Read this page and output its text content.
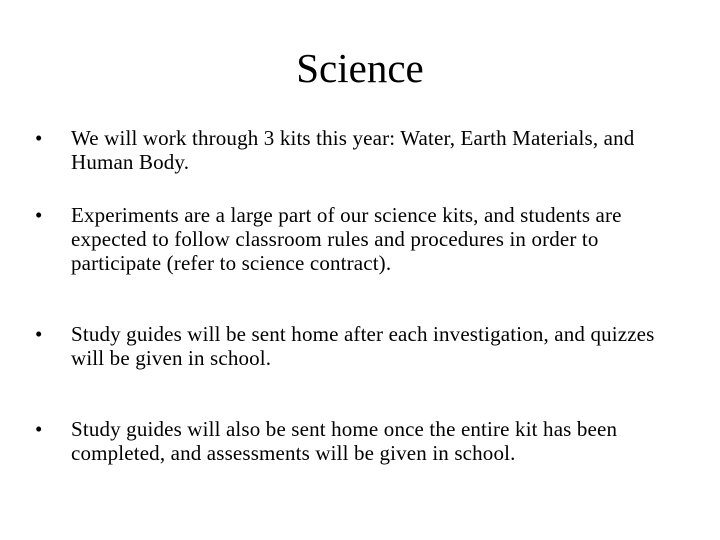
Science
•	We will work through 3 kits this year: Water, Earth Materials, and Human Body.
•	Experiments are a large part of our science kits, and students are expected to follow classroom rules and procedures in order to participate (refer to science contract).
•	Study guides will be sent home after each investigation, and quizzes will be given in school.
•	Study guides will also be sent home once the entire kit has been completed, and assessments will be given in school.
